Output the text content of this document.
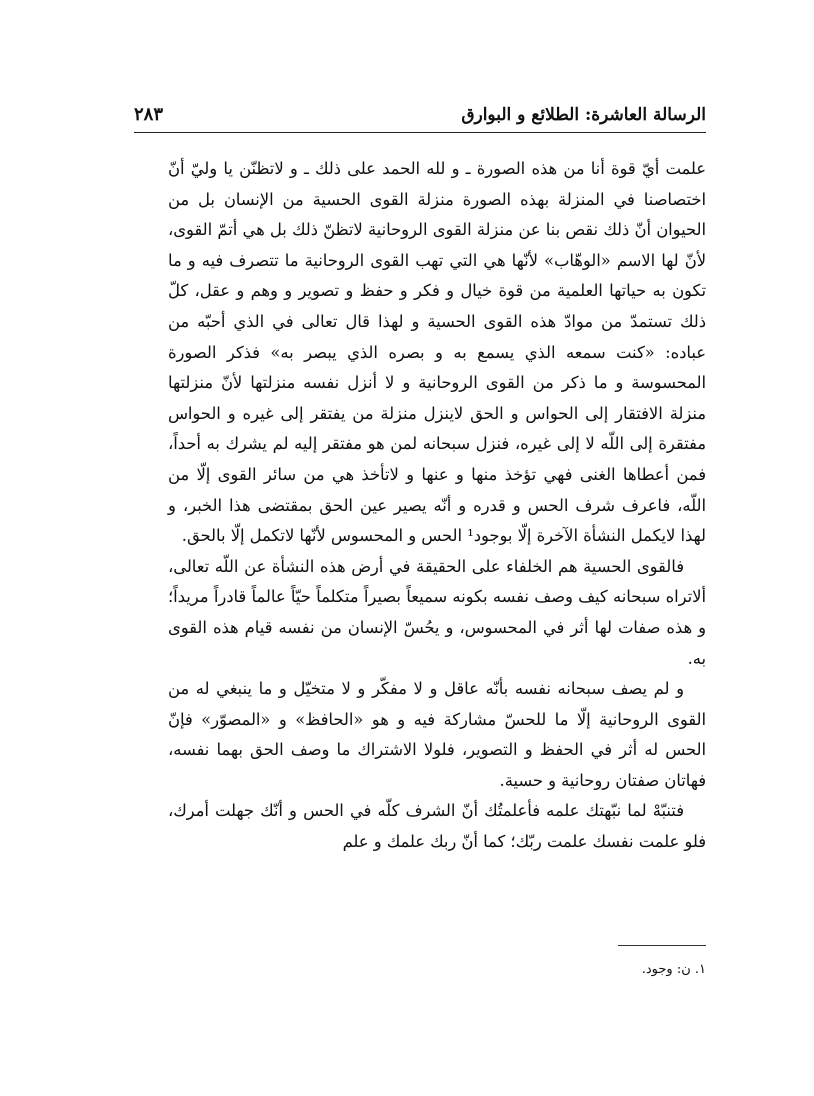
الرسالة العاشرة: الطلائع و البوارق
٢٨٣

علمت أيّ قوة أنا من هذه الصورة ـ و لله الحمد على ذلك ـ و لاتظنّن يا وليّ أنّ اختصاصنا في المنزلة بهذه الصورة منزلة القوى الحسية من الإنسان بل من الحيوان أنّ ذلك نقص بنا عن منزلة القوى الروحانية لاتظنّ ذلك بل هي أتمّ القوى، لأنّ لها الاسم «الوهّاب» لأنّها هي التي تهب القوى الروحانية ما تتصرف فيه و ما تكون به حياتها العلمية من قوة خيال و فكر و حفظ و تصوير و وهم و عقل، كلّ ذلك تستمدّ من موادّ هذه القوى الحسية و لهذا قال تعالى في الذي أحبّه من عباده: «كنت سمعه الذي يسمع به و بصره الذي يبصر به» فذكر الصورة المحسوسة و ما ذكر من القوى الروحانية و لا أنزل نفسه منزلتها لأنّ منزلتها منزلة الافتقار إلى الحواس و الحق لاينزل منزلة من يفتقر إلى غيره و الحواس مفتقرة إلى اللّه لا إلى غيره، فنزل سبحانه لمن هو مفتقر إليه لم يشرك به أحداً، فمن أعطاها الغنى فهي تؤخذ منها و عنها و لاتأخذ هي من سائر القوى إلّا من اللّه، فاعرف شرف الحس و قدره و أنّه يصير عين الحق بمقتضى هذا الخبر، و لهذا لايكمل النشأة الآخرة إلّا بوجود¹ الحس و المحسوس لأنّها لاتكمل إلّا بالحق.

فالقوى الحسية هم الخلفاء على الحقيقة في أرض هذه النشأة عن اللّه تعالى، ألاتراه سبحانه كيف وصف نفسه بكونه سميعاً بصيراً متكلماً حيّاً عالماً قادراً مريداً؛ و هذه صفات لها أثر في المحسوس، و يحُسّ الإنسان من نفسه قيام هذه القوى به.

و لم يصف سبحانه نفسه بأنّه عاقل و لا مفكّر و لا متخيّل و ما ينبغي له من القوى الروحانية إلّا ما للحسّ مشاركة فيه و هو «الحافظ» و «المصوّر» فإنّ الحس له أثر في الحفظ و التصوير، فلولا الاشتراك ما وصف الحق بهما نفسه، فهاتان صفتان روحانية و حسية.

فتنبّهْ لما نبّهتك علمه فأعلمتُك أنّ الشرف كلّه في الحس و أنّك جهلت أمرك، فلو علمت نفسك علمت ربّك؛ كما أنّ ربك علمك و علم

١. ن: وجود.
